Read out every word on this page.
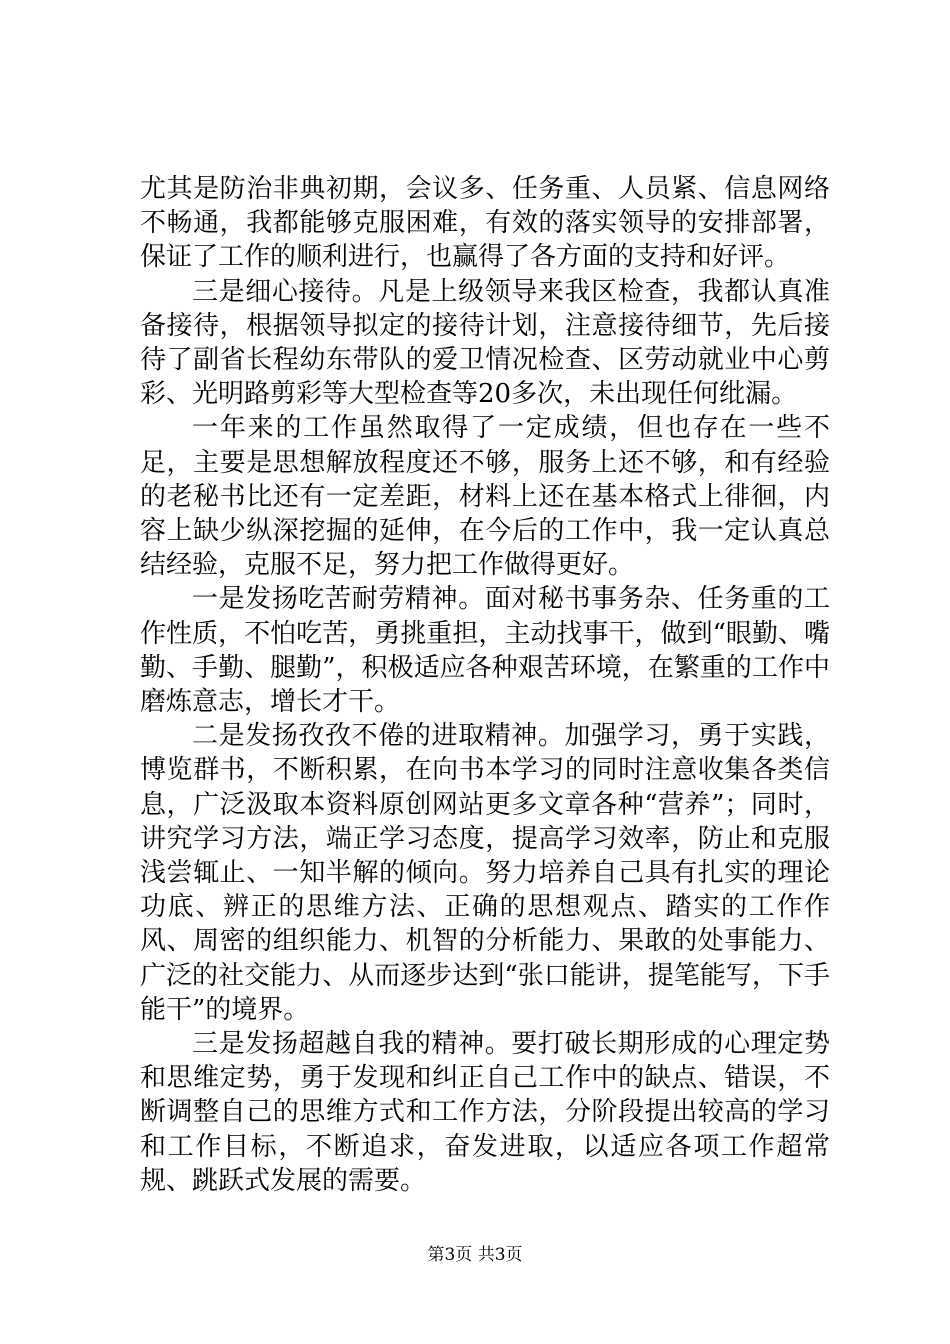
尤其是防治非典初期，会议多、任务重、人员紧、信息网络不畅通，我都能够克服困难，有效的落实领导的安排部署，保证了工作的顺利进行，也赢得了各方面的支持和好评。

三是细心接待。凡是上级领导来我区检查，我都认真准备接待，根据领导拟定的接待计划，注意接待细节，先后接待了副省长程幼东带队的爱卫情况检查、区劳动就业中心剪彩、光明路剪彩等大型检查等20多次，未出现任何纰漏。

一年来的工作虽然取得了一定成绩，但也存在一些不足，主要是思想解放程度还不够，服务上还不够，和有经验的老秘书比还有一定差距，材料上还在基本格式上徘徊，内容上缺少纵深挖掘的延伸，在今后的工作中，我一定认真总结经验，克服不足，努力把工作做得更好。

一是发扬吃苦耐劳精神。面对秘书事务杂、任务重的工作性质，不怕吃苦，勇挑重担，主动找事干，做到“眼勤、嘴勤、手勤、腿勤”，积极适应各种艰苦环境，在繁重的工作中磨炼意志，增长才干。

二是发扬孜孜不倦的进取精神。加强学习，勇于实践，博览群书，不断积累，在向书本学习的同时注意收集各类信息，广泛汲取本资料原创网站更多文章各种“营养”；同时，讲究学习方法，端正学习态度，提高学习效率，防止和克服浅尝辄止、一知半解的倾向。努力培养自己具有扎实的理论功底、辨正的思维方法、正确的思想观点、踏实的工作作风、周密的组织能力、机智的分析能力、果敢的处事能力、广泛的社交能力、从而逐步达到“张口能讲，提笔能写，下手能干”的境界。

三是发扬超越自我的精神。要打破长期形成的心理定势和思维定势，勇于发现和纠正自己工作中的缺点、错误，不断调整自己的思维方式和工作方法，分阶段提出较高的学习和工作目标，不断追求，奋发进取，以适应各项工作超常规、跳跃式发展的需要。

第3页 共3页
